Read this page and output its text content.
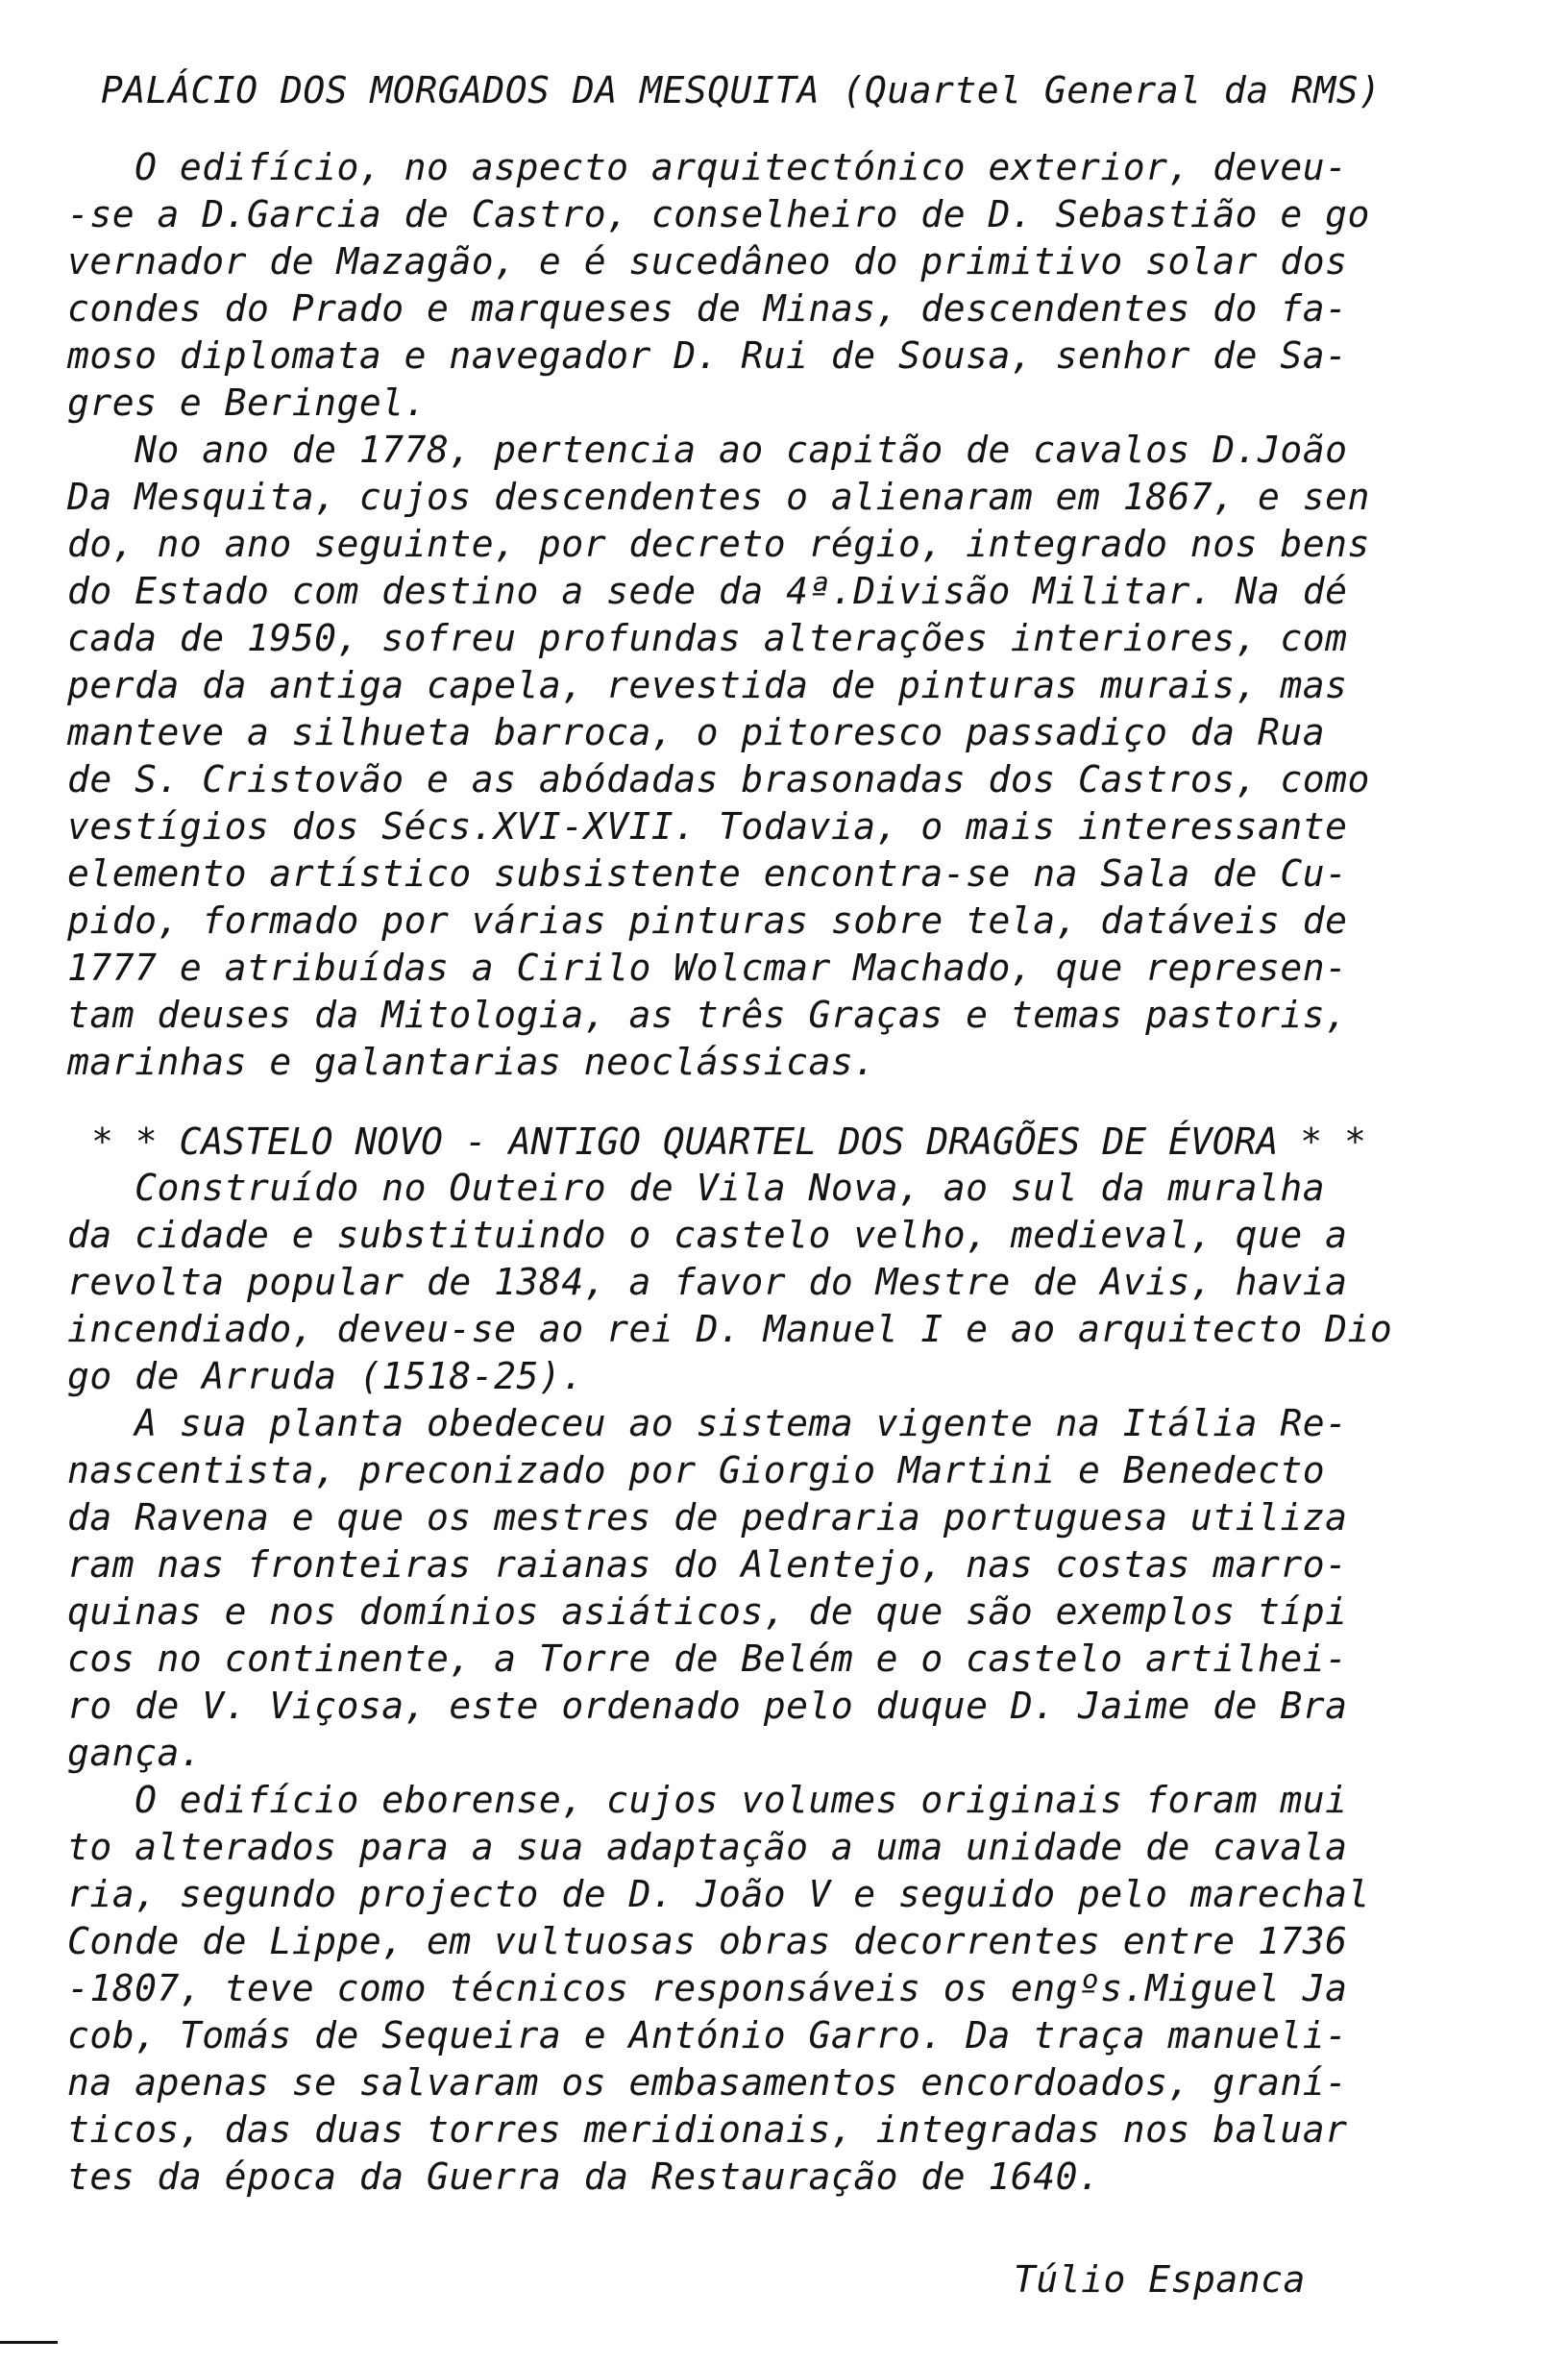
PALÁCIO DOS MORGADOS DA MESQUITA (Quartel General da RMS)
O edifício, no aspecto arquitectónico exterior, deveu-
-se a D.Garcia de Castro, conselheiro de D. Sebastião e go
vernador de Mazagão, e é sucedâneo do primitivo solar dos
condes do Prado e marqueses de Minas, descendentes do fa-
moso diplomata e navegador D. Rui de Sousa, senhor de Sa-
gres e Beringel.
No ano de 1778, pertencia ao capitão de cavalos D.João
Da Mesquita, cujos descendentes o alienaram em 1867, e sen
do, no ano seguinte, por decreto régio, integrado nos bens
do Estado com destino a sede da 4ª.Divisão Militar. Na dé
cada de 1950, sofreu profundas alterações interiores, com
perda da antiga capela, revestida de pinturas murais, mas
manteve a silhueta barroca, o pitoresco passadiço da Rua
de S. Cristovão e as abódadas brasonadas dos Castros, como
vestígios dos Sécs.XVI-XVII. Todavia, o mais interessante
elemento artístico subsistente encontra-se na Sala de Cu-
pido, formado por várias pinturas sobre tela, datáveis de
1777 e atribuídas a Cirilo Wolcmar Machado, que represen-
tam deuses da Mitologia, as três Graças e temas pastoris,
marinhas e galantarias neoclássicas.
* * CASTELO NOVO - ANTIGO QUARTEL DOS DRAGÕES DE ÉVORA * *
Construído no Outeiro de Vila Nova, ao sul da muralha
da cidade e substituindo o castelo velho, medieval, que a
revolta popular de 1384, a favor do Mestre de Avis, havia
incendiado, deveu-se ao rei D. Manuel I e ao arquitecto Dio
go de Arruda (1518-25).
A sua planta obedeceu ao sistema vigente na Itália Re-
nascentista, preconizado por Giorgio Martini e Benedecto
da Ravena e que os mestres de pedraria portuguesa utiliza
ram nas fronteiras raianas do Alentejo, nas costas marro-
quinas e nos domínios asiáticos, de que são exemplos típi
cos no continente, a Torre de Belém e o castelo artilhei-
ro de V. Viçosa, este ordenado pelo duque D. Jaime de Bra
gança.
O edifício eborense, cujos volumes originais foram mui
to alterados para a sua adaptação a uma unidade de cavala
ria, segundo projecto de D. João V e seguido pelo marechal
Conde de Lippe, em vultuosas obras decorrentes entre 1736
-1807, teve como técnicos responsáveis os engºs.Miguel Ja
cob, Tomás de Sequeira e António Garro. Da traça manueli-
na apenas se salvaram os embasamentos encordoados, graní-
ticos, das duas torres meridionais, integradas nos baluar
tes da época da Guerra da Restauração de 1640.
Túlio Espanca
